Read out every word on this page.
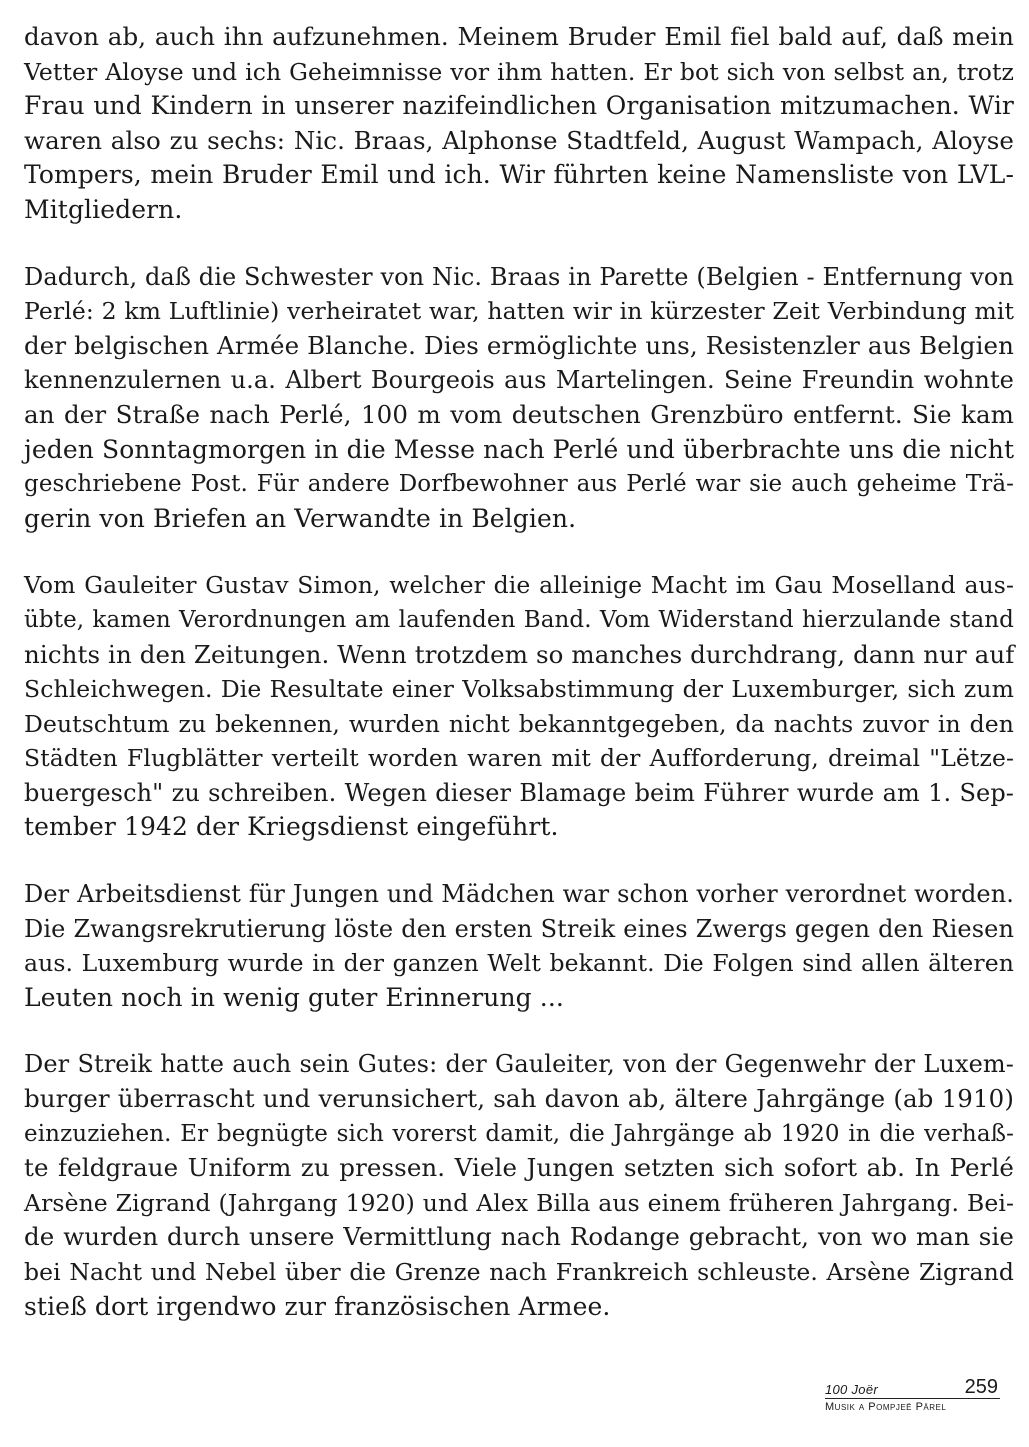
davon ab, auch ihn aufzunehmen. Meinem Bruder Emil fiel bald auf, daß mein
Vetter Aloyse und ich Geheimnisse vor ihm hatten. Er bot sich von selbst an, trotz
Frau und Kindern in unserer nazifeindlichen Organisation mitzumachen. Wir
waren also zu sechs: Nic. Braas, Alphonse Stadtfeld, August Wampach, Aloyse
Tompers, mein Bruder Emil und ich. Wir führten keine Namensliste von LVL-
Mitgliedern.

Dadurch, daß die Schwester von Nic. Braas in Parette (Belgien - Entfernung von
Perlé: 2 km Luftlinie) verheiratet war, hatten wir in kürzester Zeit Verbindung mit
der belgischen Armée Blanche. Dies ermöglichte uns, Resistenzler aus Belgien
kennenzulernen u.a. Albert Bourgeois aus Martelingen. Seine Freundin wohnte
an der Straße nach Perlé, 100 m vom deutschen Grenzbüro entfernt. Sie kam
jeden Sonntagmorgen in die Messe nach Perlé und überbrachte uns die nicht
geschriebene Post. Für andere Dorfbewohner aus Perlé war sie auch geheime Trä-
gerin von Briefen an Verwandte in Belgien.

Vom Gauleiter Gustav Simon, welcher die alleinige Macht im Gau Moselland aus-
übte, kamen Verordnungen am laufenden Band. Vom Widerstand hierzulande stand
nichts in den Zeitungen. Wenn trotzdem so manches durchdrang, dann nur auf
Schleichwegen. Die Resultate einer Volksabstimmung der Luxemburger, sich zum
Deutschtum zu bekennen, wurden nicht bekanntgegeben, da nachts zuvor in den
Städten Flugblätter verteilt worden waren mit der Aufforderung, dreimal "Lëtze-
buergesch" zu schreiben. Wegen dieser Blamage beim Führer wurde am 1. Sep-
tember 1942 der Kriegsdienst eingeführt.

Der Arbeitsdienst für Jungen und Mädchen war schon vorher verordnet worden.
Die Zwangsrekrutierung löste den ersten Streik eines Zwergs gegen den Riesen
aus. Luxemburg wurde in der ganzen Welt bekannt. Die Folgen sind allen älteren
Leuten noch in wenig guter Erinnerung ...

Der Streik hatte auch sein Gutes: der Gauleiter, von der Gegenwehr der Luxem-
burger überrascht und verunsichert, sah davon ab, ältere Jahrgänge (ab 1910)
einzuziehen. Er begnügte sich vorerst damit, die Jahrgänge ab 1920 in die verhaß-
te feldgraue Uniform zu pressen. Viele Jungen setzten sich sofort ab. In Perlé
Arsène Zigrand (Jahrgang 1920) und Alex Billa aus einem früheren Jahrgang. Bei-
de wurden durch unsere Vermittlung nach Rodange gebracht, von wo man sie
bei Nacht und Nebel über die Grenze nach Frankreich schleuste. Arsène Zigrand
stieß dort irgendwo zur französischen Armee.

100 Joër	259
Musik a Pompjeë Pärel
